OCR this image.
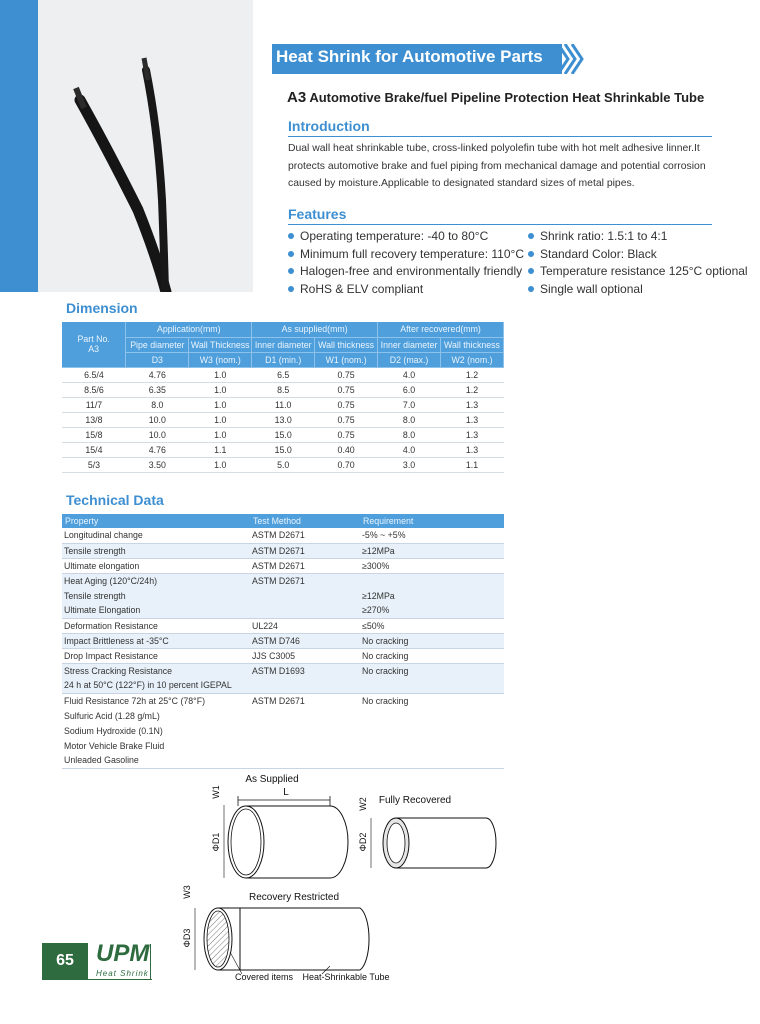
Heat Shrink for Automotive Parts
A3 Automotive Brake/fuel Pipeline Protection Heat Shrinkable Tube
Introduction

Dual wall heat shrinkable tube, cross-linked polyolefin tube with hot melt adhesive linner.It protects automotive brake and fuel piping from mechanical damage and potential corrosion caused by moisture.Applicable to designated standard sizes of metal pipes.

Features
Operating temperature: -40 to 80°C
Minimum full recovery temperature: 110°C
Halogen-free and environmentally friendly
RoHS & ELV compliant
Shrink ratio: 1.5:1 to 4:1
Standard Color: Black
Temperature resistance 125°C optional
Single wall optional
Dimension
Part No.
A3	Application(mm)		As supplied(mm)		After recovered(mm)	
	Pipe diameter	Wall Thickness	Inner diameter	Wall thickness	Inner diameter	Wall thickness
	D3	W3 (nom.)	D1 (min.)	W1 (nom.)	D2 (max.)	W2 (nom.)
6.5/4	4.76	1.0	6.5	0.75	4.0	1.2
8.5/6	6.35	1.0	8.5	0.75	6.0	1.2
11/7	8.0	1.0	11.0	0.75	7.0	1.3
13/8	10.0	1.0	13.0	0.75	8.0	1.3
15/8	10.0	1.0	15.0	0.75	8.0	1.3
15/4	4.76	1.1	15.0	0.40	4.0	1.3
5/3	3.50	1.0	5.0	0.70	3.0	1.1
Technical Data
Property	Test Method	Requirement
Longitudinal change	ASTM D2671	-5% ~ +5%
Tensile strength	ASTM D2671	≥12MPa
Ultimate elongation	ASTM D2671	≥300%
Heat Aging (120°C/24h)	ASTM D2671	
Tensile strength		≥12MPa
Ultimate Elongation		≥270%
Deformation Resistance	UL224	≤50%
Impact Brittleness at -35°C	ASTM D746	No cracking
Drop Impact Resistance	JJS C3005	No cracking
Stress Cracking Resistance	ASTM D1693	No cracking
24 h at 50°C (122°F) in 10 percent IGEPAL		
Fluid Resistance 72h at 25°C (78°F)	ASTM D2671	No cracking
Sulfuric Acid (1.28 g/mL)		
Sodium Hydroxide (0.1N)		
Motor Vehicle Brake Fluid		
Unleaded Gasoline		
As Supplied
L
W1
ΦD1
Fully Recovered
W2
ΦD2
Recovery Restricted
W3
ΦD3
Covered items Heat-Shrinkable Tube
65 UPM
Heat Shrink
